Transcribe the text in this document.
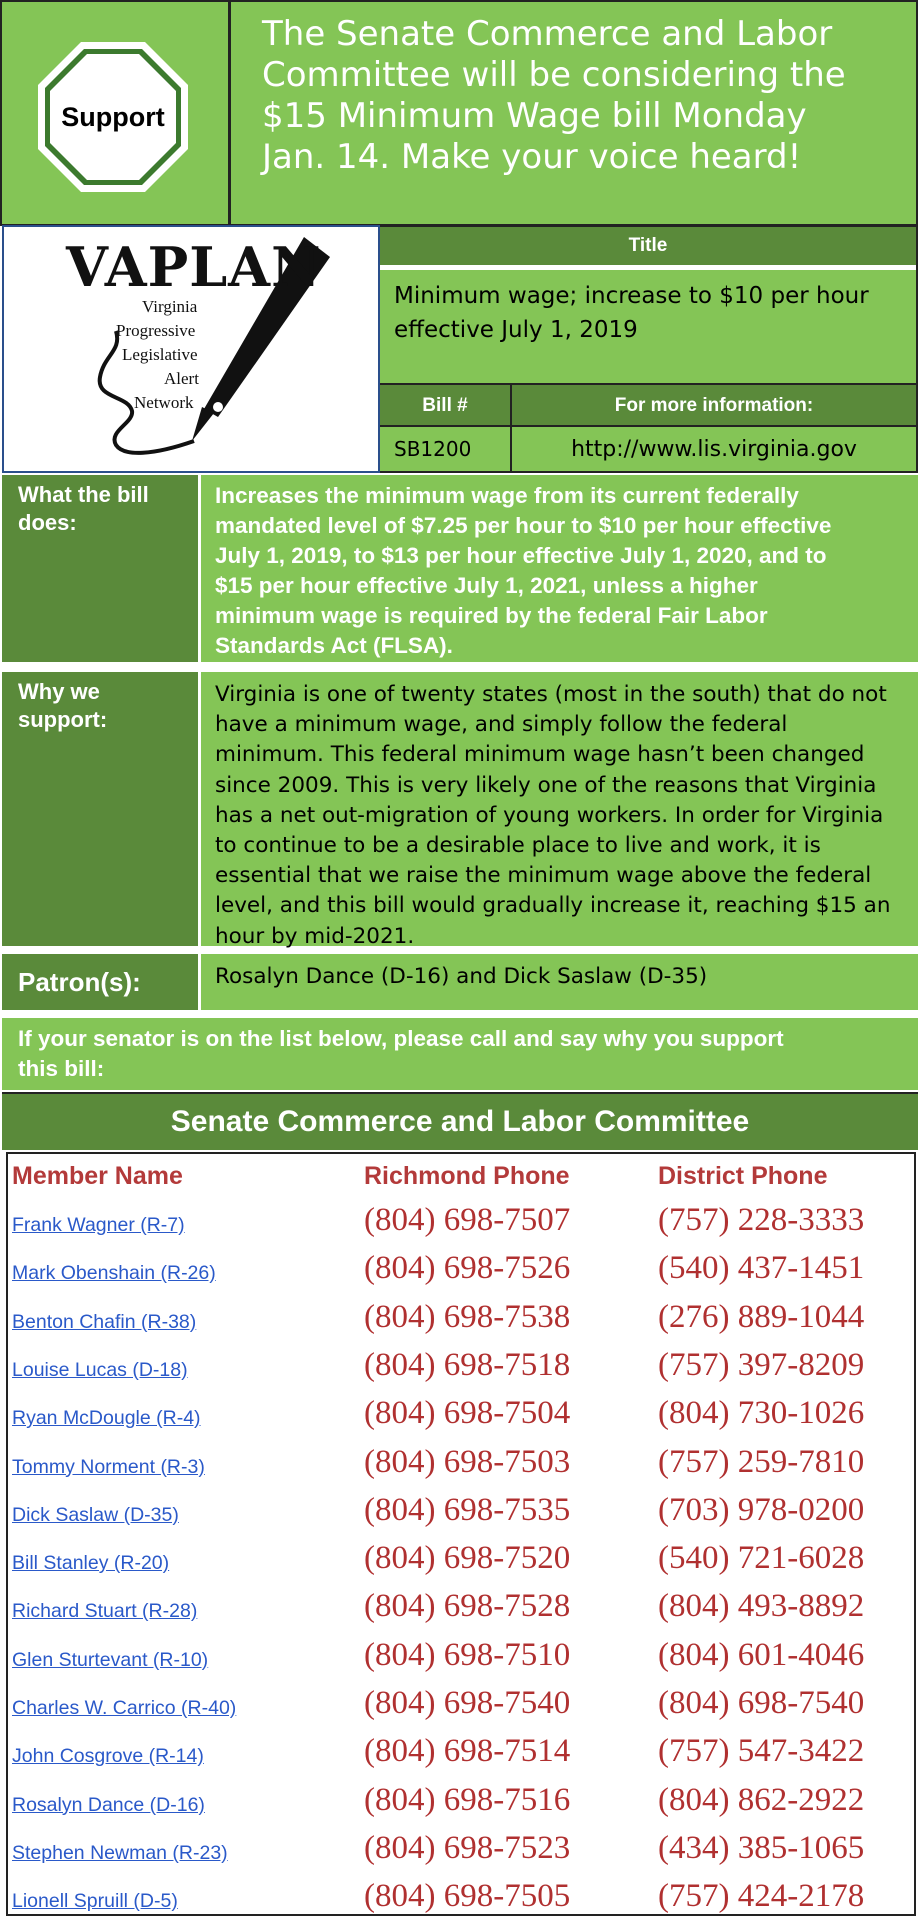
Support
The Senate Commerce and Labor
Committee will be considering the
$15 Minimum Wage bill Monday
Jan. 14. Make your voice heard!
VAPLAN
Virginia
Progressive
Legislative
Alert
Network
Title
Minimum wage; increase to $10 per hour
effective July 1, 2019
Bill #	For more information:
SB1200	http://www.lis.virginia.gov
What the bill
does:
Increases the minimum wage from its current federally
mandated level of $7.25 per hour to $10 per hour effective
July 1, 2019, to $13 per hour effective July 1, 2020, and to
$15 per hour effective July 1, 2021, unless a higher
minimum wage is required by the federal Fair Labor
Standards Act (FLSA).
Why we
support:
Virginia is one of twenty states (most in the south) that do not
have a minimum wage, and simply follow the federal
minimum. This federal minimum wage hasn’t been changed
since 2009. This is very likely one of the reasons that Virginia
has a net out-migration of young workers. In order for Virginia
to continue to be a desirable place to live and work, it is
essential that we raise the minimum wage above the federal
level, and this bill would gradually increase it, reaching $15 an
hour by mid-2021.
Patron(s):	Rosalyn Dance (D-16) and Dick Saslaw (D-35)
If your senator is on the list below, please call and say why you support
this bill:
Senate Commerce and Labor Committee
Member Name	Richmond Phone	District Phone
Frank Wagner (R-7)	(804) 698-7507	(757) 228-3333
Mark Obenshain (R-26)	(804) 698-7526	(540) 437-1451
Benton Chafin (R-38)	(804) 698-7538	(276) 889-1044
Louise Lucas (D-18)	(804) 698-7518	(757) 397-8209
Ryan McDougle (R-4)	(804) 698-7504	(804) 730-1026
Tommy Norment (R-3)	(804) 698-7503	(757) 259-7810
Dick Saslaw (D-35)	(804) 698-7535	(703) 978-0200
Bill Stanley (R-20)	(804) 698-7520	(540) 721-6028
Richard Stuart (R-28)	(804) 698-7528	(804) 493-8892
Glen Sturtevant (R-10)	(804) 698-7510	(804) 601-4046
Charles W. Carrico (R-40)	(804) 698-7540	(804) 698-7540
John Cosgrove (R-14)	(804) 698-7514	(757) 547-3422
Rosalyn Dance (D-16)	(804) 698-7516	(804) 862-2922
Stephen Newman (R-23)	(804) 698-7523	(434) 385-1065
Lionell Spruill (D-5)	(804) 698-7505	(757) 424-2178
